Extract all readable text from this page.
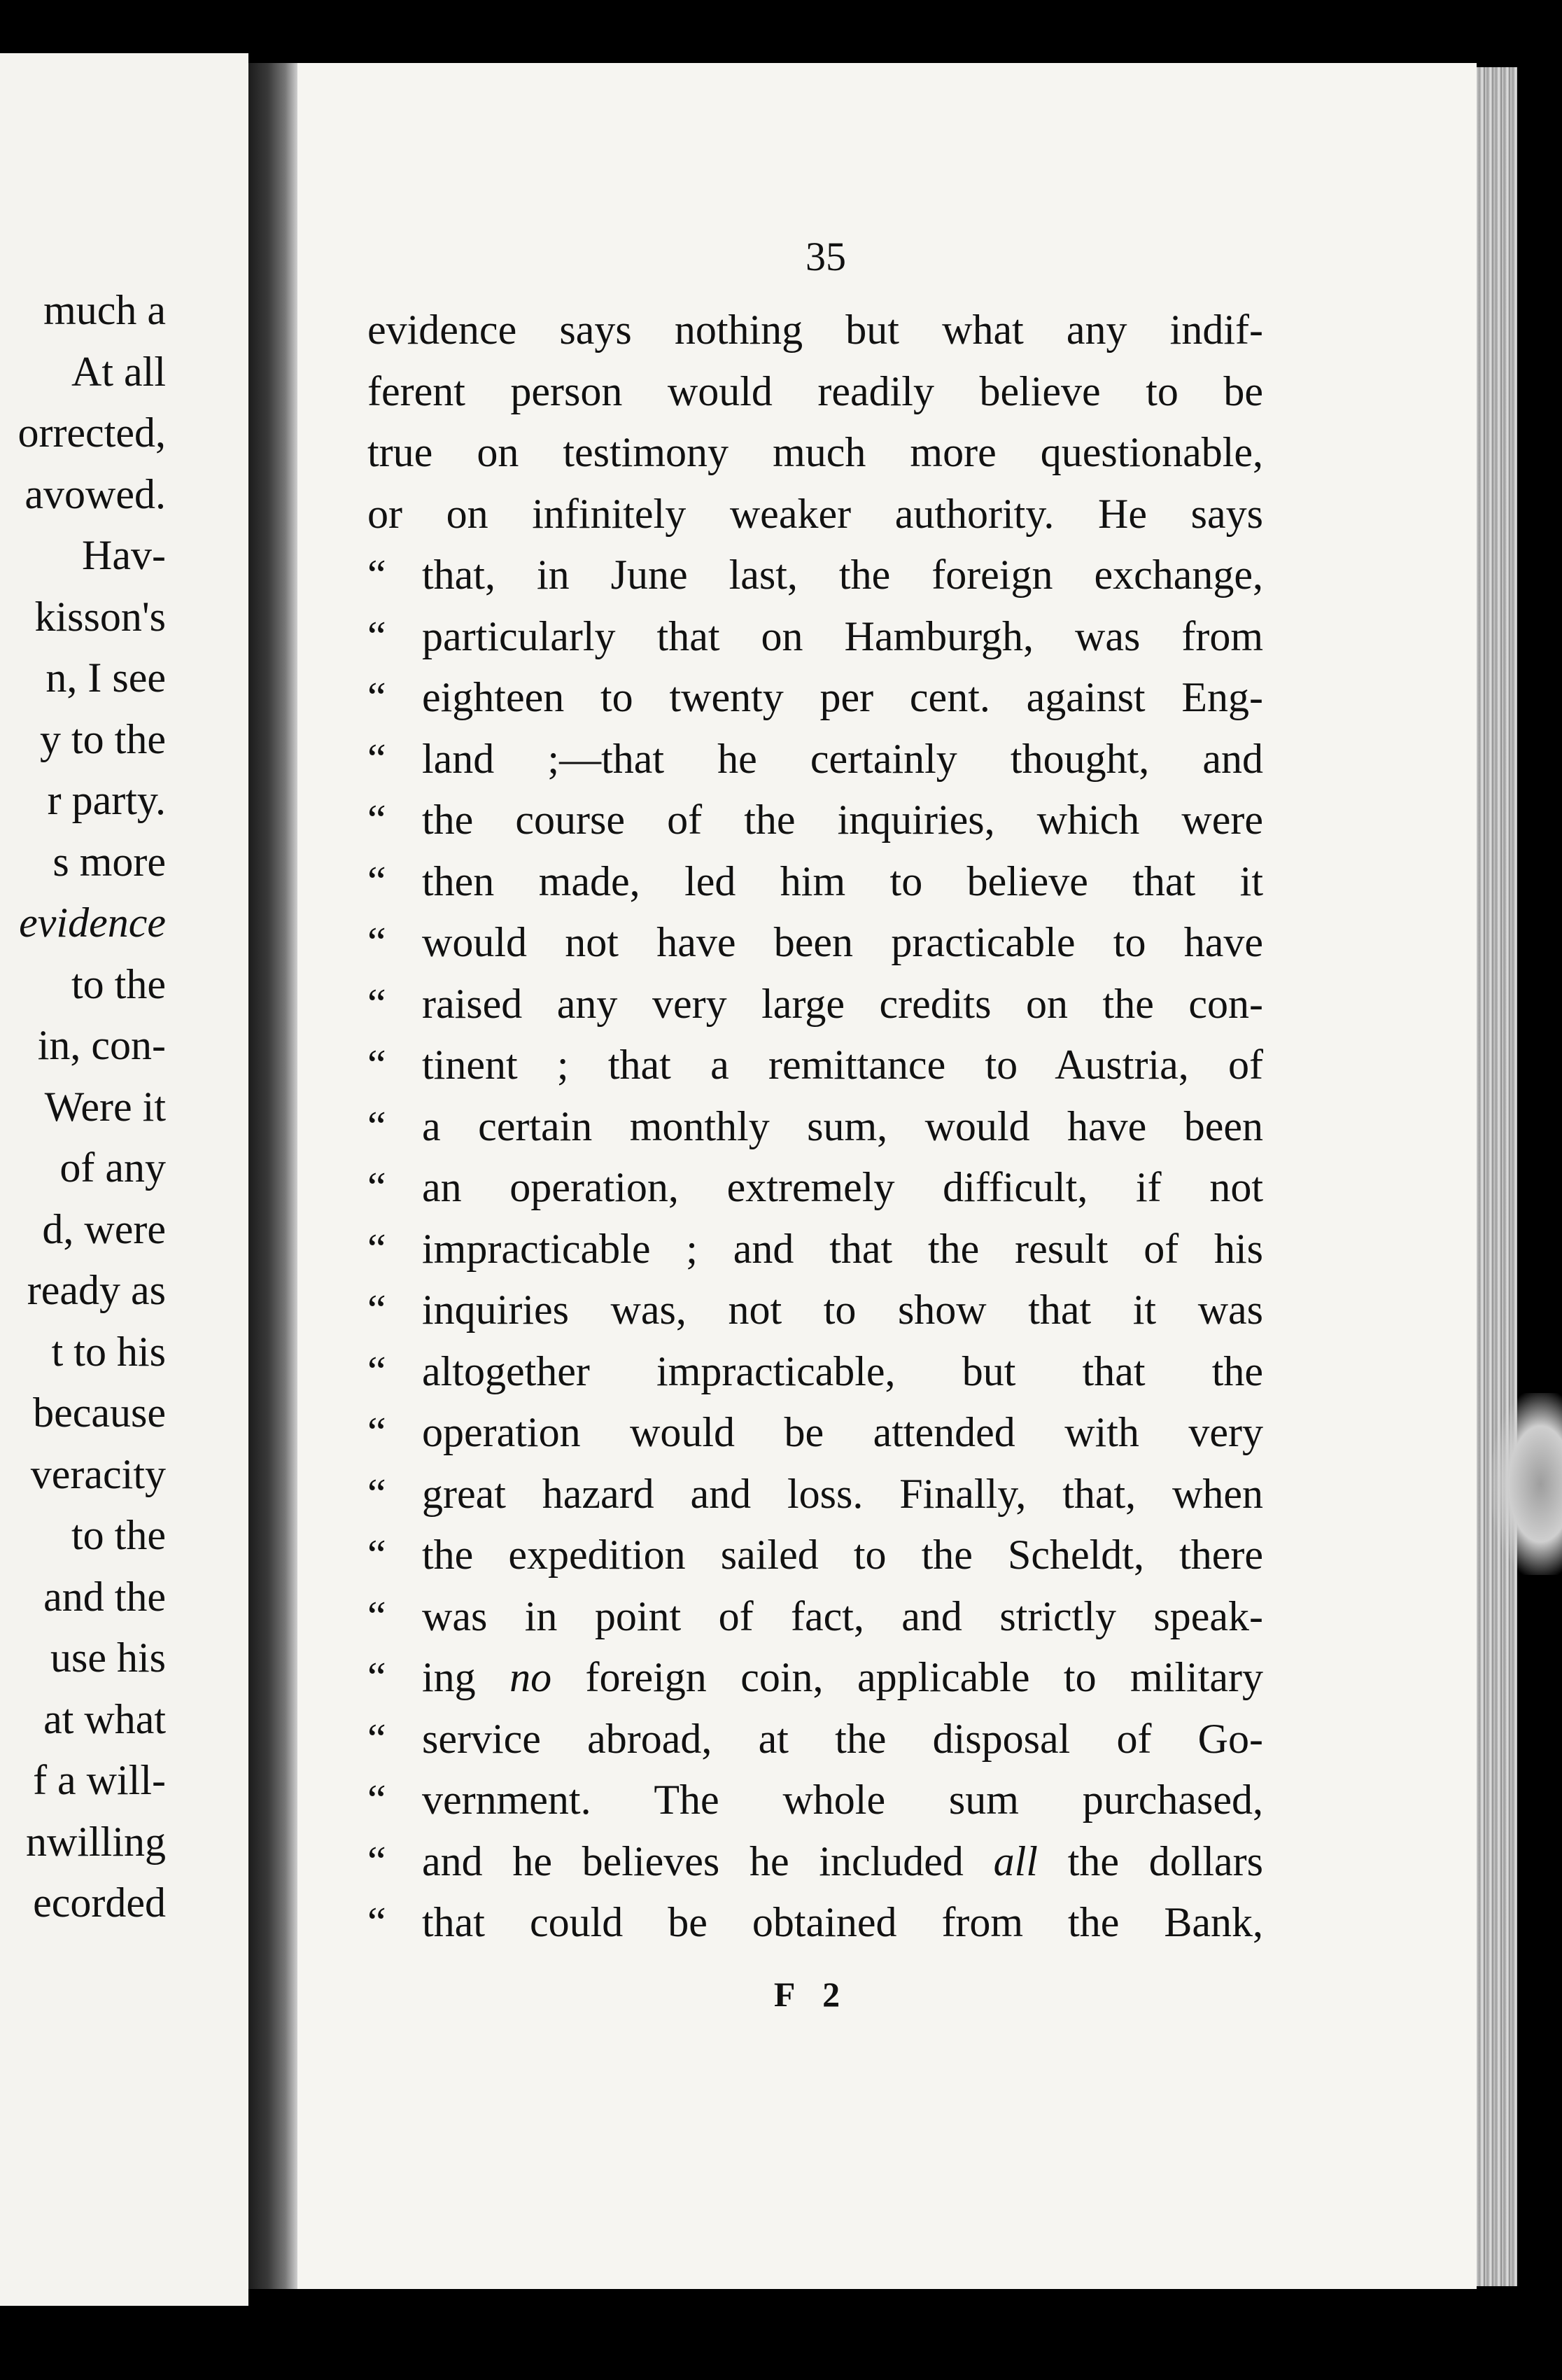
much a
At all
orrected,
avowed.
Hav-
kisson's
n, I see
y to the
r party.
s more
evidence
to the
in, con-
Were it
of any
d, were
ready as
t to his
because
veracity
to the
and the
use his
at what
f a will-
nwilling
ecorded
35
evidence says nothing but what any indif-
ferent person would readily believe to be
true on testimony much more questionable,
or on infinitely weaker authority. He says
“ that, in June last, the foreign exchange,
“ particularly that on Hamburgh, was from
“ eighteen to twenty per cent. against Eng-
“ land ;—that he certainly thought, and
“ the course of the inquiries, which were
“ then made, led him to believe that it
“ would not have been practicable to have
“ raised any very large credits on the con-
“ tinent ; that a remittance to Austria, of
“ a certain monthly sum, would have been
“ an operation, extremely difficult, if not
“ impracticable ; and that the result of his
“ inquiries was, not to show that it was
“ altogether impracticable, but that the
“ operation would be attended with very
“ great hazard and loss. Finally, that, when
“ the expedition sailed to the Scheldt, there
“ was in point of fact, and strictly speak-
“ ing no foreign coin, applicable to military
“ service abroad, at the disposal of Go-
“ vernment. The whole sum purchased,
“ and he believes he included all the dollars
“ that could be obtained from the Bank,
F 2
